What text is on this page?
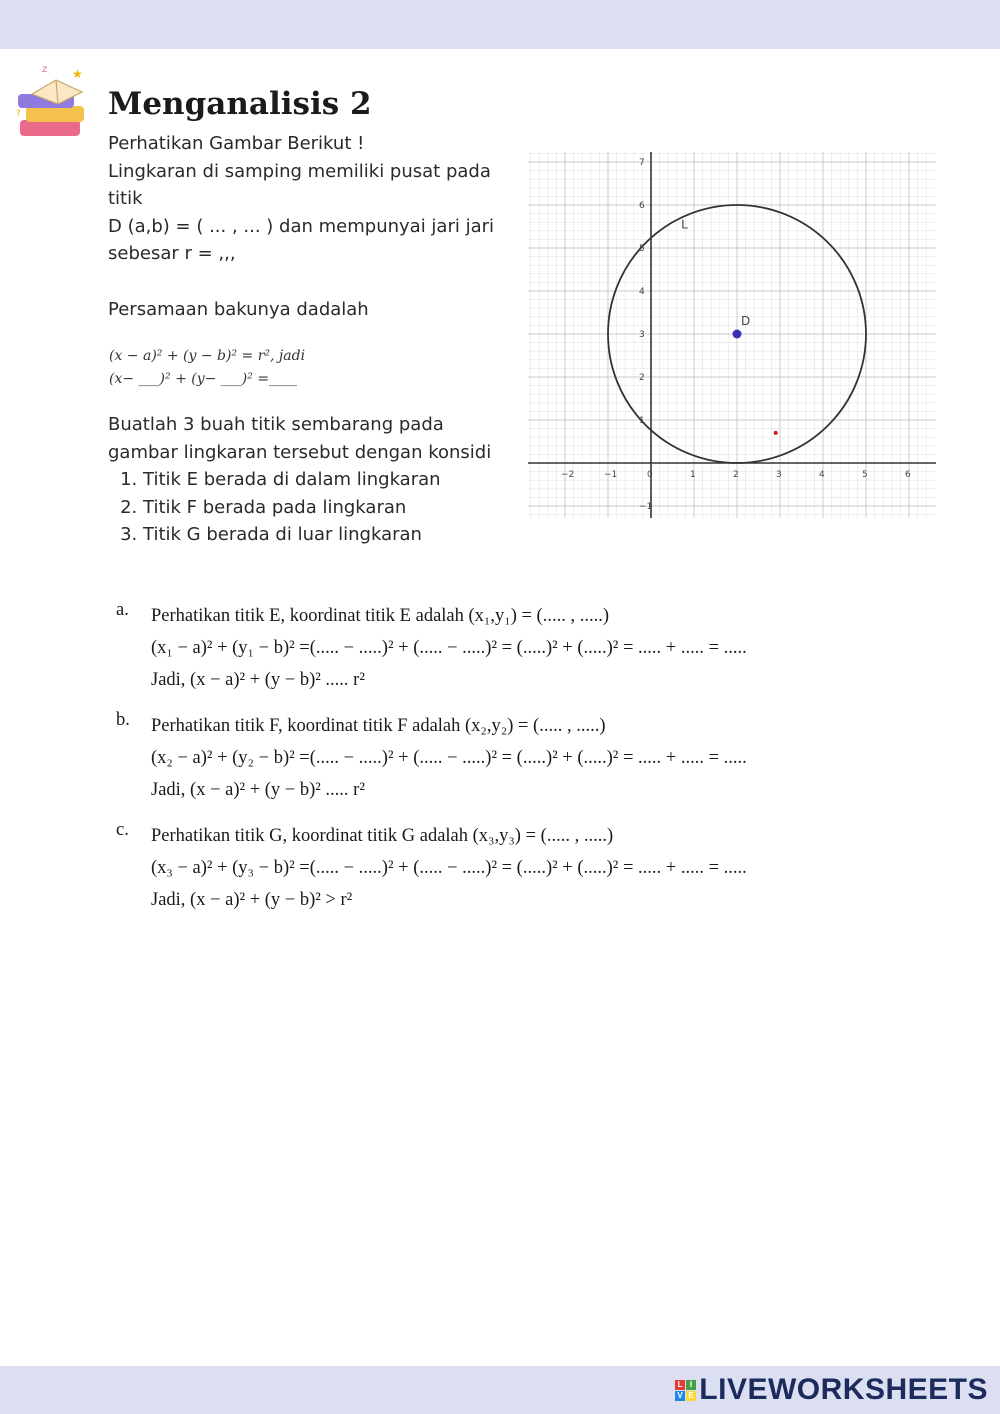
★
z
?	Menganalisis 2

Perhatikan Gambar Berikut !

Lingkaran di samping memiliki pusat pada titik

D (a,b) = ( ... , ... ) dan mempunyai jari jari sebesar r = ,,,

Persamaan bakunya dadalah

(x − a)² + (y − b)² = r², jadi
(x− ___)² + (y− ___)² =____

Buatlah 3 buah titik sembarang pada gambar lingkaran tersebut dengan konsidi

1. Titik E berada di dalam lingkaran
2. Titik F berada pada lingkaran
3. Titik G berada di luar lingkaran
−2	−1	0	1	2	3	4	5	6
−1
1
2
3
4
5
6
7
D
L
a.	Perhatikan titik E, koordinat titik E adalah (x₁,y₁) = (..... , .....)
(x₁ − a)² + (y₁ − b)² =(..... − .....)² + (..... − .....)² = (.....)² + (.....)² = ..... + ..... = .....
Jadi, (x − a)² + (y − b)² ..... r²
b.	Perhatikan titik F, koordinat titik F adalah (x₂,y₂) = (..... , .....)
(x₂ − a)² + (y₂ − b)² =(..... − .....)² + (..... − .....)² = (.....)² + (.....)² = ..... + ..... = .....
Jadi, (x − a)² + (y − b)² ..... r²
c.	Perhatikan titik G, koordinat titik G adalah (x₃,y₃) = (..... , .....)
(x₃ − a)² + (y₃ − b)² =(..... − .....)² + (..... − .....)² = (.....)² + (.....)² = ..... + ..... = .....
Jadi, (x − a)² + (y − b)² > r²
L I
V E LIVEWORKSHEETS
